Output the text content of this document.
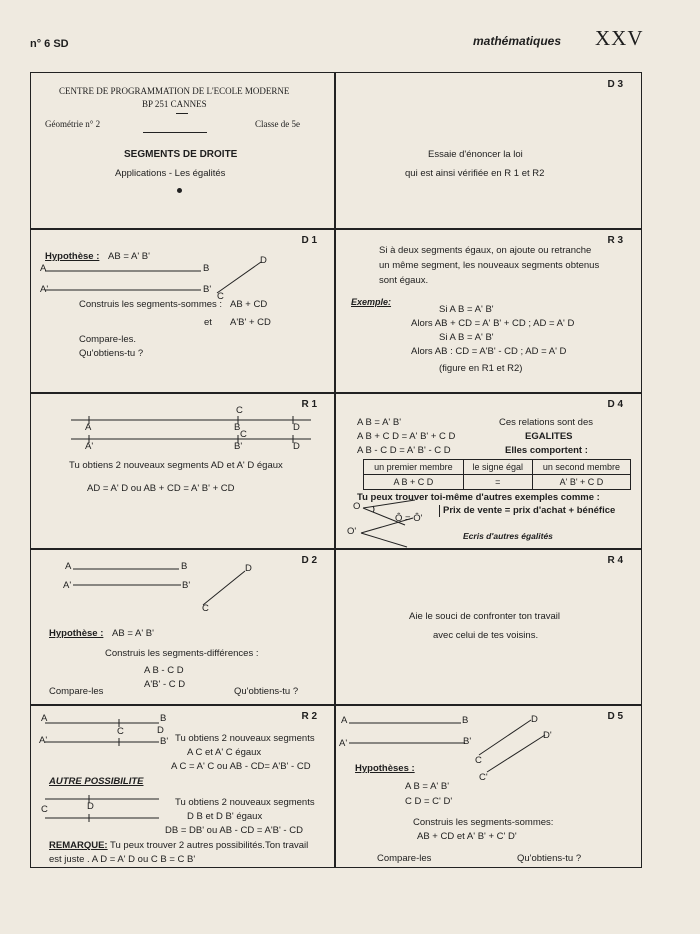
n° 6 SD	mathématiques XXV
CENTRE DE PROGRAMMATION DE L'ECOLE MODERNE
BP 251 CANNES
Géométrie n° 2	Classe de 5e
SEGMENTS DE DROITE
Applications - Les égalités
D 3
Essaie d'énoncer la loi
qui est ainsi vérifiée en R 1 et R2
D 1
Hypothèse : AB = A' B'
A	B
A'	B'
C
D
Construis les segments-sommes : AB + CD
et A'B' + CD
Compare-les.
Qu'obtiens-tu ?
R 3
Si à deux segments égaux, on ajoute ou retranche
un même segment, les nouveaux segments obtenus
sont égaux.
Exemple:
Si A B = A' B'
Alors AB + CD = A' B' + CD ; AD = A' D
Si A B = A' B'
Alors AB : CD = A'B' - CD ; AD = A' D
(figure en R1 et R2)
R 1
A	B
C
D
A'	B'
C
D
Tu obtiens 2 nouveaux segments AD et A' D égaux
AD = A' D ou AB + CD = A' B' + CD
D 4
A B = A' B'
A B + C D = A' B' + C D
A B - C D = A' B' - C D
Ces relations sont des
EGALITES
Elles comportent :
un premier membre	le signe égal	un second membre
A B + C D	=	A' B' + C D
Tu peux trouver toi-même d'autres exemples comme :
O
O'
Ô = Ô'
Prix de vente = prix d'achat + bénéfice
Ecris d'autres égalités
D 2
A	B
A'	B'
C
D
Hypothèse : AB = A' B'
Construis les segments-différences :
A B - C D
A'B' - C D
Compare-les	Qu'obtiens-tu ?
R 4
Aie le souci de confronter ton travail
avec celui de tes voisins.
R 2
A	B
A'	B'
C	D
Tu obtiens 2 nouveaux segments
A C et A' C égaux
A C = A' C ou AB - CD= A'B' - CD
AUTRE POSSIBILITE
C	D	Tu obtiens 2 nouveaux segments
D B et D B' égaux
DB = DB' ou AB - CD = A'B' - CD
REMARQUE: Tu peux trouver 2 autres possibilités.Ton travail
est juste . A D = A' D ou C B = C B'
D 5
A	B
A'	B'
C
D
C'
D'
Hypothèses :
A B = A' B'
C D = C' D'
Construis les segments-sommes:
AB + CD et A' B' + C' D'
Compare-les	Qu'obtiens-tu ?
